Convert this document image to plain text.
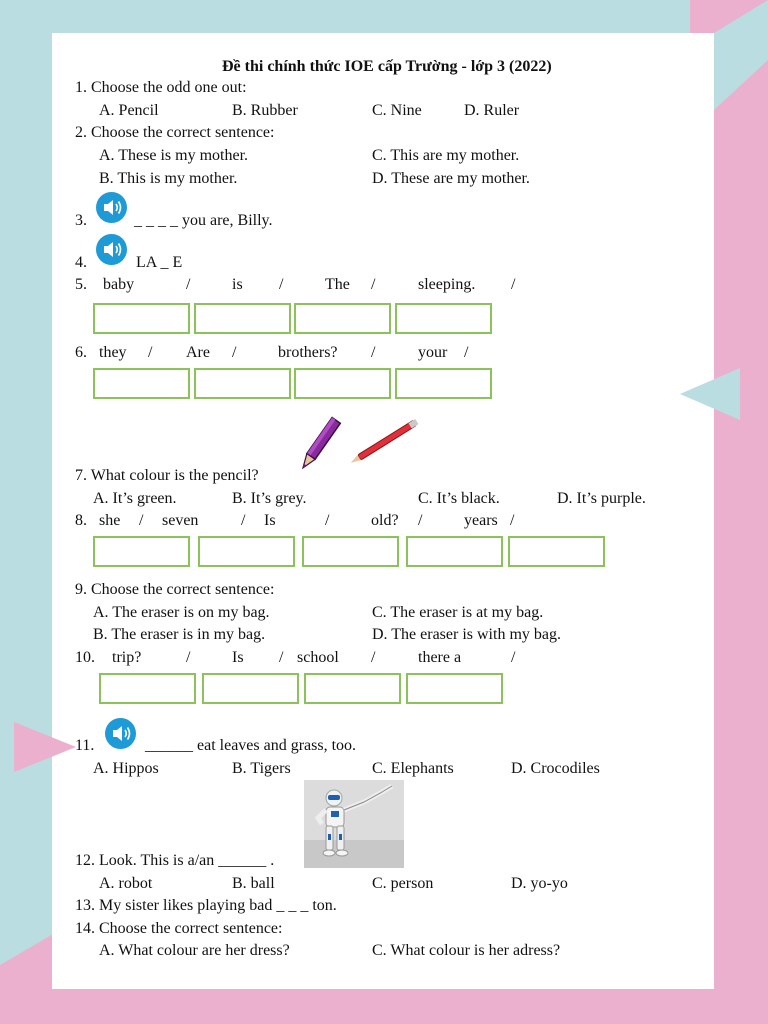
Đề thi chính thức IOE cấp Trường - lớp 3 (2022)
1. Choose the odd one out:
A. Pencil	B. Rubber	C. Nine	D. Ruler
2. Choose the correct sentence:
A. These is my mother.	C. This are my mother.
B. This is my mother.	D. These are my mother.
3.	_ _ _ _ you are, Billy.
4.	LA _ E
5. baby	/	is /	The /	sleeping. /
6. they / Are /	brothers? /	your /
7. What colour is the pencil?
A. It’s green.	B. It’s grey.	C. It’s black.	D. It’s purple.
8. she / seven	/ Is	/	old? /	years /
9. Choose the correct sentence:
A. The eraser is on my bag.	C. The eraser is at my bag.
B. The eraser is in my bag.	D. The eraser is with my bag.
10. trip?	/	Is / school /	there a	/
11.	______ eat leaves and grass, too.
A. Hippos	B. Tigers	C. Elephants	D. Crocodiles
12. Look. This is a/an ______ .
A. robot	B. ball	C. person	D. yo-yo
13. My sister likes playing bad _ _ _ ton.
14. Choose the correct sentence:
A. What colour are her dress?	C. What colour is her adress?
